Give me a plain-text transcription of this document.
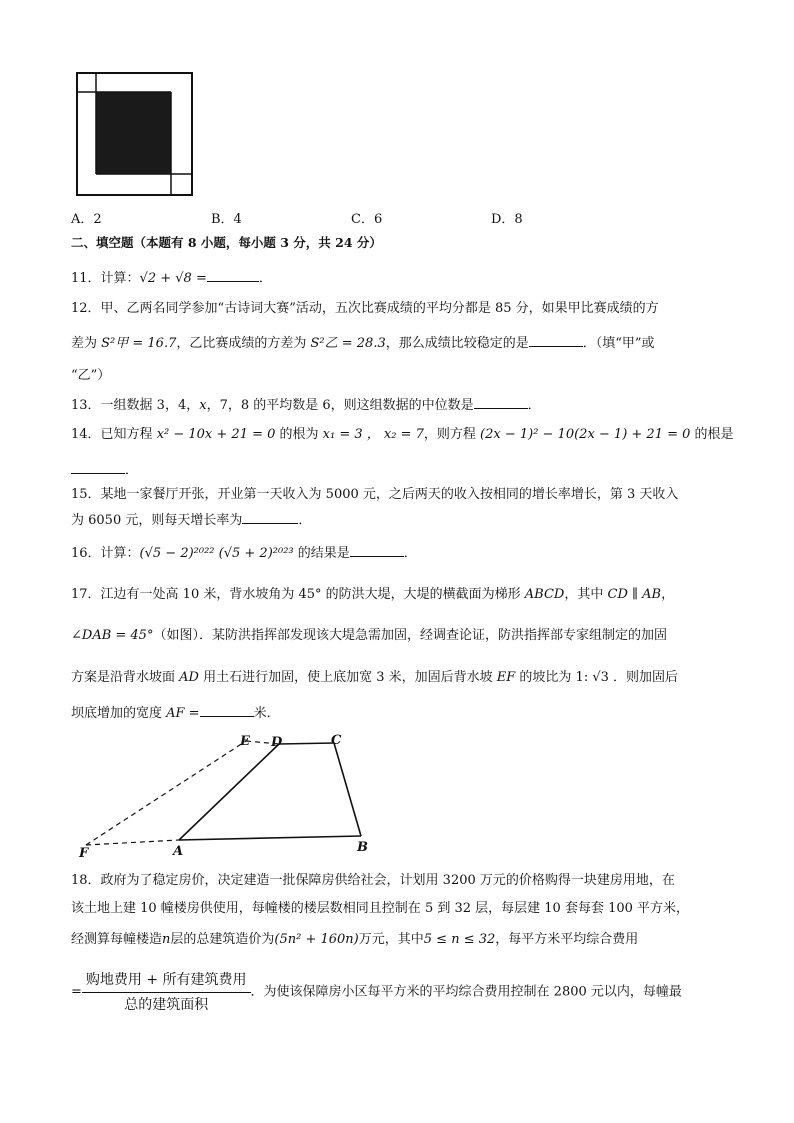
A．2	B．4	C．6	D．8
二、填空题（本题有 8 小题，每小题 3 分，共 24 分）
11．计算：√2 + √8 =	．
12．甲、乙两名同学参加“古诗词大赛”活动，五次比赛成绩的平均分都是 85 分，如果甲比赛成绩的方
差为 S²甲 = 16.7，乙比赛成绩的方差为 S²乙 = 28.3，那么成绩比较稳定的是	．（填“甲”或
“乙”）
13．一组数据 3，4，x，7，8 的平均数是 6，则这组数据的中位数是	．
14．已知方程 x² − 10x + 21 = 0 的根为 x₁ = 3 ， x₂ = 7，则方程 (2x − 1)² − 10(2x − 1) + 21 = 0 的根是
．
15．某地一家餐厅开张，开业第一天收入为 5000 元，之后两天的收入按相同的增长率增长，第 3 天收入
为 6050 元，则每天增长率为	．
16．计算：(√5 − 2)²⁰²² (√5 + 2)²⁰²³ 的结果是	．
17．江边有一处高 10 米，背水坡角为 45° 的防洪大堤，大堤的横截面为梯形 ABCD，其中 CD ∥ AB，
∠DAB = 45°（如图）．某防洪指挥部发现该大堤急需加固，经调查论证，防洪指挥部专家组制定的加固
方案是沿背水坡面 AD 用土石进行加固，使上底加宽 3 米，加固后背水坡 EF 的坡比为 1: √3 ．则加固后
坝底增加的宽度 AF =	米．
E D	C
F	A	B
18．政府为了稳定房价，决定建造一批保障房供给社会，计划用 3200 万元的价格购得一块建房用地，在
该土地上建 10 幢楼房供使用，每幢楼的楼层数相同且控制在 5 到 32 层，每层建 10 套每套 100 平方米，
经测算每幢楼造n层的总建筑造价为(5n² + 160n)万元，其中5 ≤ n ≤ 32，每平方米平均综合费用
= $\frac{\text{购地费用 + 所有建筑费用}}{\text{总的建筑面积}}$ ．为使该保障房小区每平方米的平均综合费用控制在 2800 元以内，每幢最
